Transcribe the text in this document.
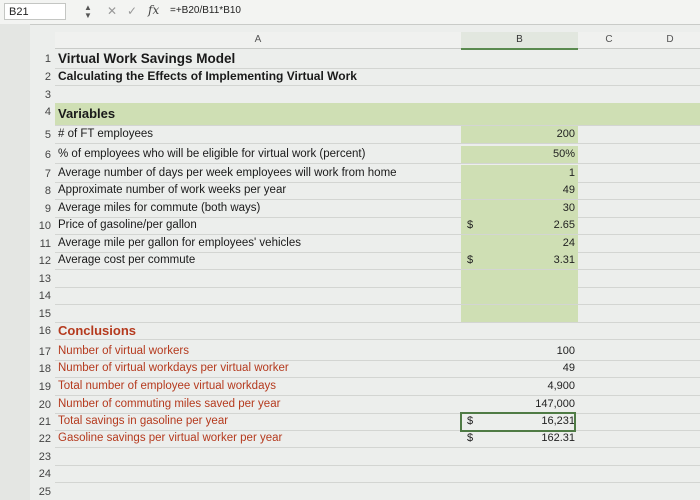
B21	▲
▼ ✕ ✓ fx =+B20/B11*B10
A	B	C	D
1 Virtual Work Savings Model
2 Calculating the Effects of Implementing Virtual Work
3
4 Variables
5 # of FT employees	200
6 % of employees who will be eligible for virtual work (percent)	50%
7 Average number of days per week employees will work from home	1
8 Approximate number of work weeks per year	49
9 Average miles for commute (both ways)	30
10 Price of gasoline/per gallon	$	2.65
11 Average mile per gallon for employees' vehicles	24
12 Average cost per commute	$	3.31
13
14
15
16 Conclusions
17 Number of virtual workers	100
18 Number of virtual workdays per virtual worker	49
19 Total number of employee virtual workdays	4,900
20 Number of commuting miles saved per year	147,000
21 Total savings in gasoline per year	$	16,231
22 Gasoline savings per virtual worker per year	$	162.31
23
24
25
